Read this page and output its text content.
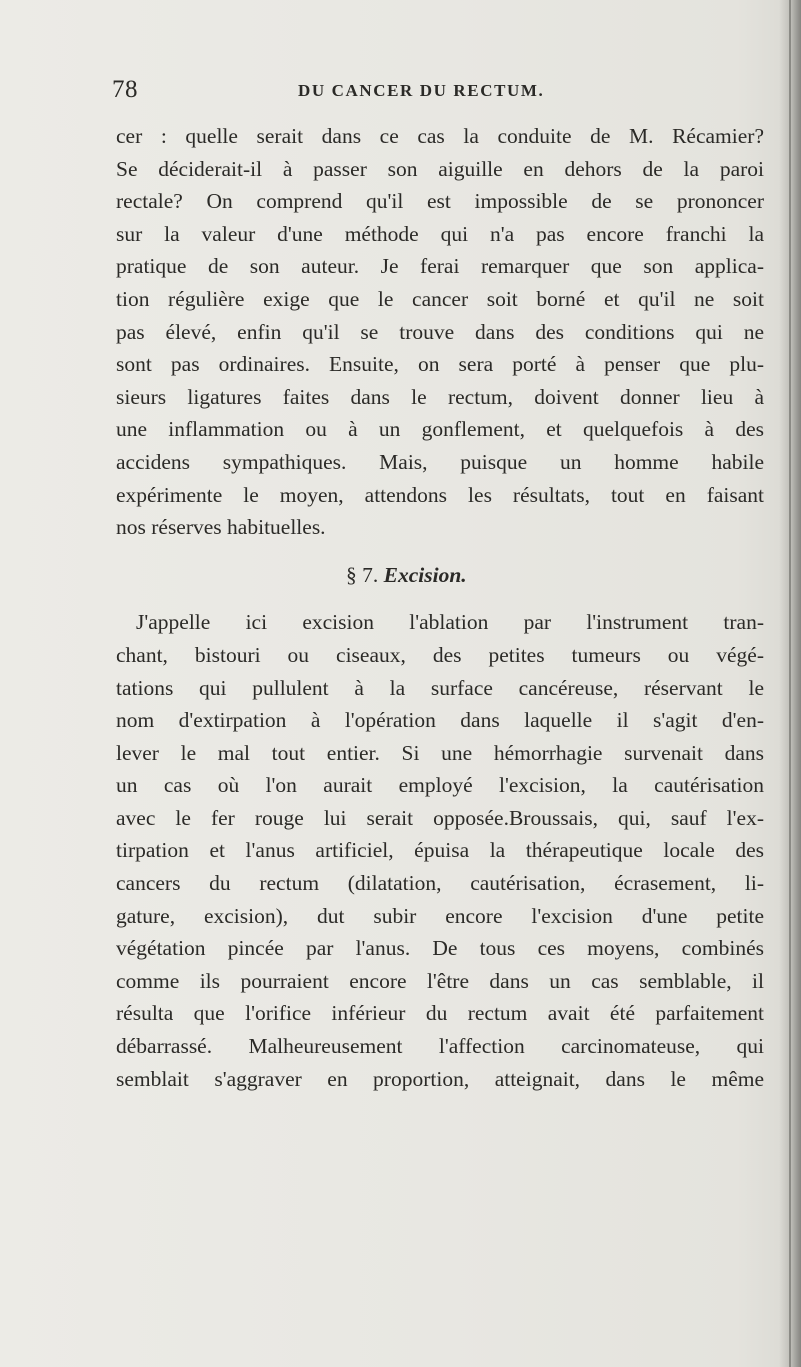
78	DU CANCER DU RECTUM.
cer : quelle serait dans ce cas la conduite de M. Récamier?
Se déciderait-il à passer son aiguille en dehors de la paroi
rectale? On comprend qu'il est impossible de se prononcer
sur la valeur d'une méthode qui n'a pas encore franchi la
pratique de son auteur. Je ferai remarquer que son applica-
tion régulière exige que le cancer soit borné et qu'il ne soit
pas élevé, enfin qu'il se trouve dans des conditions qui ne
sont pas ordinaires. Ensuite, on sera porté à penser que plu-
sieurs ligatures faites dans le rectum, doivent donner lieu à
une inflammation ou à un gonflement, et quelquefois à des
accidens sympathiques. Mais, puisque un homme habile
expérimente le moyen, attendons les résultats, tout en faisant
nos réserves habituelles.
§ 7. Excision.
J'appelle ici excision l'ablation par l'instrument tran-
chant, bistouri ou ciseaux, des petites tumeurs ou végé-
tations qui pullulent à la surface cancéreuse, réservant le
nom d'extirpation à l'opération dans laquelle il s'agit d'en-
lever le mal tout entier. Si une hémorrhagie survenait dans
un cas où l'on aurait employé l'excision, la cautérisation
avec le fer rouge lui serait opposée.Broussais, qui, sauf l'ex-
tirpation et l'anus artificiel, épuisa la thérapeutique locale des
cancers du rectum (dilatation, cautérisation, écrasement, li-
gature, excision), dut subir encore l'excision d'une petite
végétation pincée par l'anus. De tous ces moyens, combinés
comme ils pourraient encore l'être dans un cas semblable, il
résulta que l'orifice inférieur du rectum avait été parfaitement
débarrassé. Malheureusement l'affection carcinomateuse, qui
semblait s'aggraver en proportion, atteignait, dans le même
